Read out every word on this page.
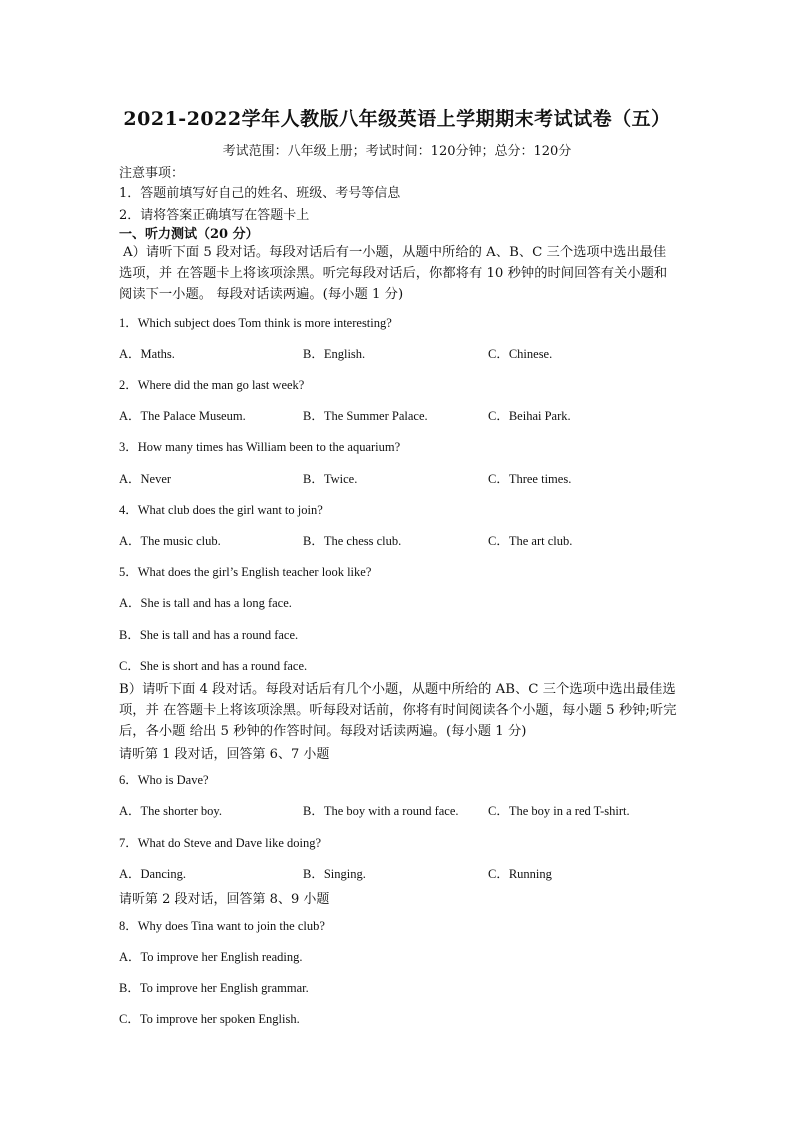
2021-2022学年人教版八年级英语上学期期末考试试卷（五）
考试范围：八年级上册；考试时间：120分钟；总分：120分
注意事项：
1．答题前填写好自己的姓名、班级、考号等信息
2．请将答案正确填写在答题卡上
一、听力测试（20 分）
A）请听下面 5 段对话。每段对话后有一小题，从题中所给的 A、B、C 三个选项中选出最佳选项，并 在答题卡上将该项涂黑。听完每段对话后，你都将有 10 秒钟的时间回答有关小题和阅读下一小题。 每段对话读两遍。(每小题 1 分)
1．Which subject does Tom think is more interesting?
A．Maths.	B．English.	C．Chinese.
2．Where did the man go last week?
A．The Palace Museum.	B．The Summer Palace.	C．Beihai Park.
3．How many times has William been to the aquarium?
A．Never	B．Twice.	C．Three times.
4．What club does the girl want to join?
A．The music club.	B．The chess club.	C．The art club.
5．What does the girl’s English teacher look like?
A．She is tall and has a long face.
B．She is tall and has a round face.
C．She is short and has a round face.
B）请听下面 4 段对话。每段对话后有几个小题，从题中所给的 AB、C 三个选项中选出最佳选项，并 在答题卡上将该项涂黑。听每段对话前，你将有时间阅读各个小题，每小题 5 秒钟;听完后，各小题 给出 5 秒钟的作答时间。每段对话读两遍。(每小题 1 分)
请听第 1 段对话，回答第 6、7 小题
6．Who is Dave?
A．The shorter boy.	B．The boy with a round face. C．The boy in a red T-shirt.
7．What do Steve and Dave like doing?
A．Dancing.	B．Singing.	C．Running
请听第 2 段对话，回答第 8、9 小题
8．Why does Tina want to join the club?
A．To improve her English reading.
B．To improve her English grammar.
C．To improve her spoken English.
